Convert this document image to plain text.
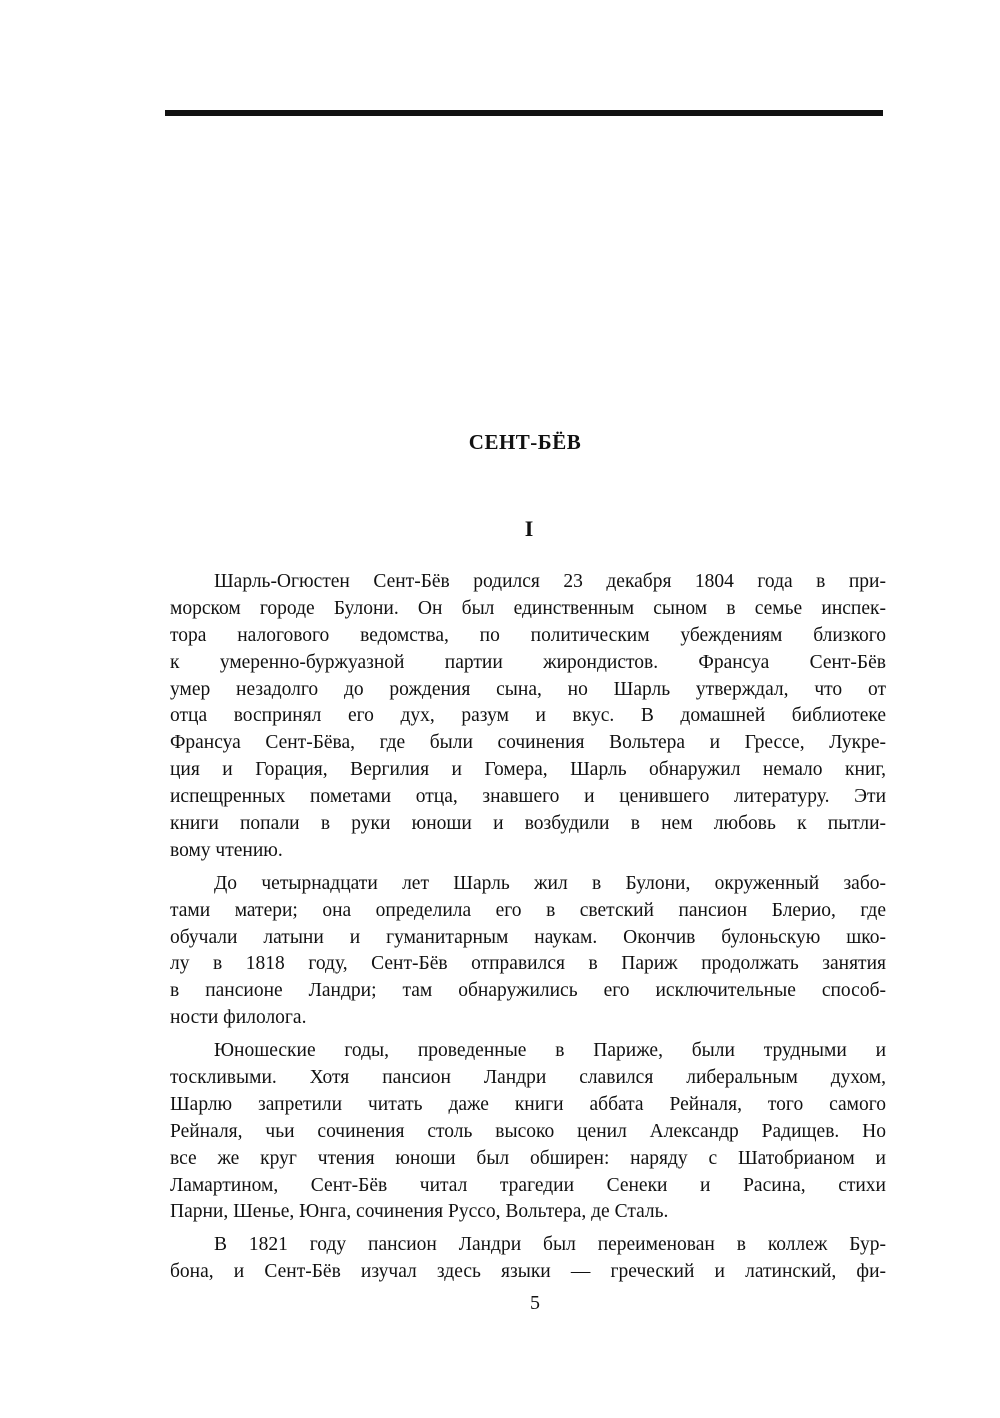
СЕНТ-БЁВ
I
Шарль-Огюстен Сент-Бёв родился 23 декабря 1804 года в при-
морском городе Булони. Он был единственным сыном в семье инспек-
тора налогового ведомства, по политическим убеждениям близкого
к умеренно-буржуазной партии жирондистов. Франсуа Сент-Бёв
умер незадолго до рождения сына, но Шарль утверждал, что от
отца воспринял его дух, разум и вкус. В домашней библиотеке
Франсуа Сент-Бёва, где были сочинения Вольтера и Грессе, Лукре-
ция и Горация, Вергилия и Гомера, Шарль обнаружил немало книг,
испещренных пометами отца, знавшего и ценившего литературу. Эти
книги попали в руки юноши и возбудили в нем любовь к пытли-
вому чтению.
До четырнадцати лет Шарль жил в Булони, окруженный забо-
тами матери; она определила его в светский пансион Блерио, где
обучали латыни и гуманитарным наукам. Окончив булоньскую шко-
лу в 1818 году, Сент-Бёв отправился в Париж продолжать занятия
в пансионе Ландри; там обнаружились его исключительные способ-
ности филолога.
Юношеские годы, проведенные в Париже, были трудными и
тоскливыми. Хотя пансион Ландри славился либеральным духом,
Шарлю запретили читать даже книги аббата Рейналя, того самого
Рейналя, чьи сочинения столь высоко ценил Александр Радищев. Но
все же круг чтения юноши был обширен: наряду с Шатобрианом и
Ламартином, Сент-Бёв читал трагедии Сенеки и Расина, стихи
Парни, Шенье, Юнга, сочинения Руссо, Вольтера, де Сталь.
В 1821 году пансион Ландри был переименован в коллеж Бур-
бона, и Сент-Бёв изучал здесь языки — греческий и латинский, фи-
5
